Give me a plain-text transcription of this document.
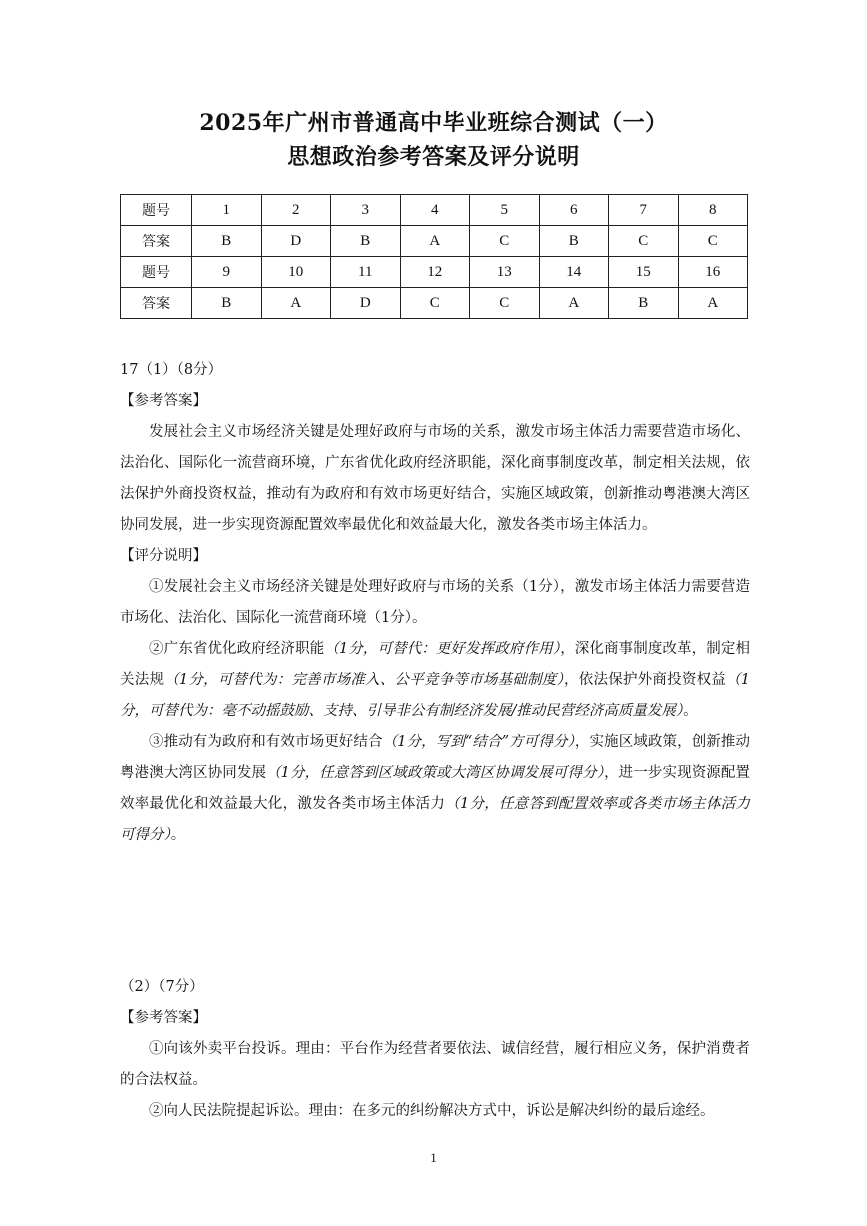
2025年广州市普通高中毕业班综合测试（一）
思想政治参考答案及评分说明
题号	1	2	3	4	5	6	7	8
答案	B	D	B	A	C	B	C	C
题号	9	10	11	12	13	14	15	16
答案	B	A	D	C	C	A	B	A

17（1）（8分）

【参考答案】

发展社会主义市场经济关键是处理好政府与市场的关系，激发市场主体活力需要营造市场化、法治化、国际化一流营商环境，广东省优化政府经济职能，深化商事制度改革，制定相关法规，依法保护外商投资权益，推动有为政府和有效市场更好结合，实施区域政策，创新推动粤港澳大湾区协同发展，进一步实现资源配置效率最优化和效益最大化，激发各类市场主体活力。

【评分说明】

①发展社会主义市场经济关键是处理好政府与市场的关系（1分），激发市场主体活力需要营造市场化、法治化、国际化一流营商环境（1分）。

②广东省优化政府经济职能（1分，可替代：更好发挥政府作用），深化商事制度改革，制定相关法规（1分，可替代为：完善市场准入、公平竞争等市场基础制度），依法保护外商投资权益（1分，可替代为：毫不动摇鼓励、支持、引导非公有制经济发展/推动民营经济高质量发展）。

③推动有为政府和有效市场更好结合（1分，写到“结合”方可得分），实施区域政策，创新推动粤港澳大湾区协同发展（1分，任意答到区域政策或大湾区协调发展可得分），进一步实现资源配置效率最优化和效益最大化，激发各类市场主体活力（1分，任意答到配置效率或各类市场主体活力可得分）。

（2）（7分）

【参考答案】

①向该外卖平台投诉。理由：平台作为经营者要依法、诚信经营，履行相应义务，保护消费者的合法权益。

②向人民法院提起诉讼。理由：在多元的纠纷解决方式中，诉讼是解决纠纷的最后途经。

1
